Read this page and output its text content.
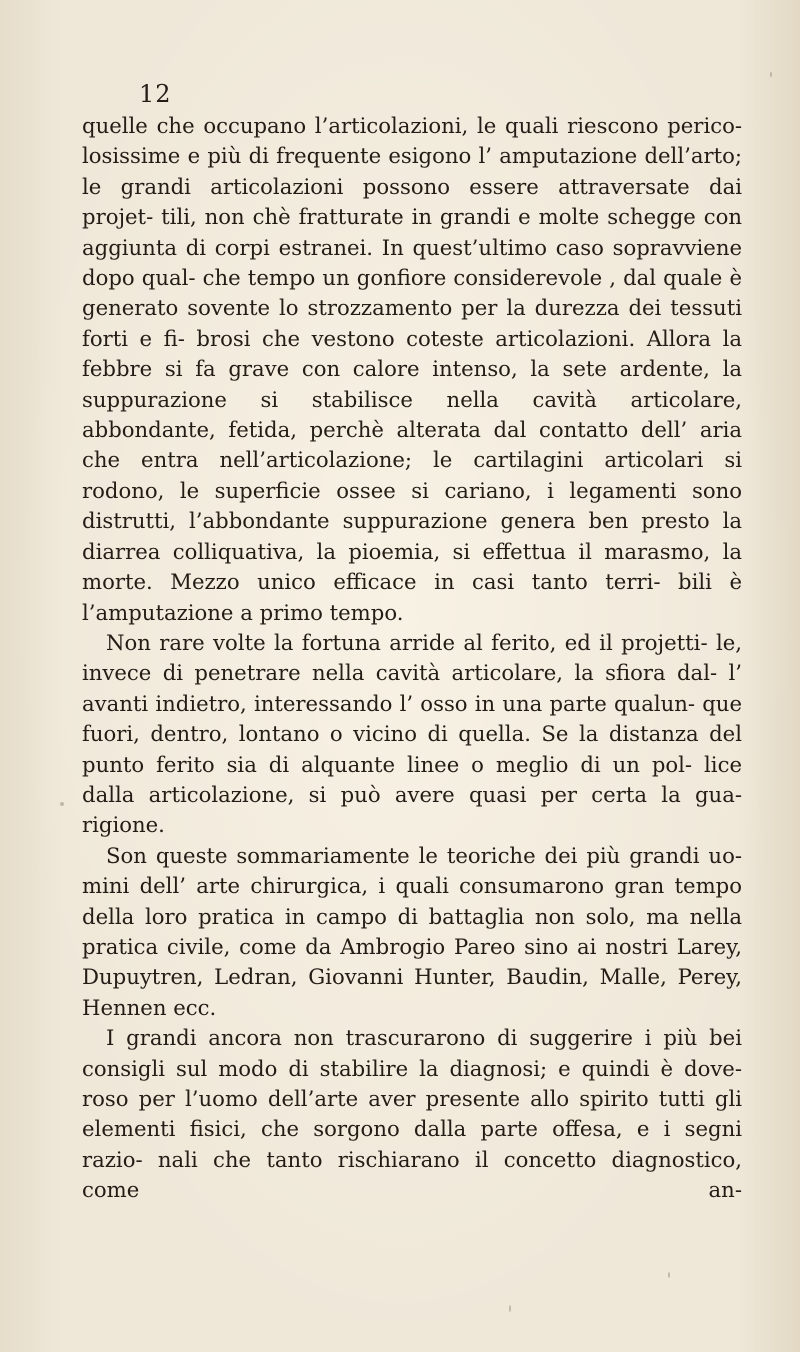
12

quelle che occupano l’articolazioni, le quali riescono perico- losissime e più di frequente esigono l’ amputazione dell’arto; le grandi articolazioni possono essere attraversate dai projet- tili, non chè fratturate in grandi e molte schegge con aggiunta di corpi estranei. In quest’ultimo caso sopravviene dopo qual- che tempo un gonfiore considerevole , dal quale è generato sovente lo strozzamento per la durezza dei tessuti forti e fi- brosi che vestono coteste articolazioni. Allora la febbre si fa grave con calore intenso, la sete ardente, la suppurazione si stabilisce nella cavità articolare, abbondante, fetida, perchè alterata dal contatto dell’ aria che entra nell’articolazione; le cartilagini articolari si rodono, le superficie ossee si cariano, i legamenti sono distrutti, l’abbondante suppurazione genera ben presto la diarrea colliquativa, la pioemia, si effettua il marasmo, la morte. Mezzo unico efficace in casi tanto terri- bili è l’amputazione a primo tempo.

Non rare volte la fortuna arride al ferito, ed il projetti- le, invece di penetrare nella cavità articolare, la sfiora dal- l’ avanti indietro, interessando l’ osso in una parte qualun- que fuori, dentro, lontano o vicino di quella. Se la distanza del punto ferito sia di alquante linee o meglio di un pol- lice dalla articolazione, si può avere quasi per certa la gua- rigione.

Son queste sommariamente le teoriche dei più grandi uo- mini dell’ arte chirurgica, i quali consumarono gran tempo della loro pratica in campo di battaglia non solo, ma nella pratica civile, come da Ambrogio Pareo sino ai nostri Larey, Dupuytren, Ledran, Giovanni Hunter, Baudin, Malle, Perey, Hennen ecc.

I grandi ancora non trascurarono di suggerire i più bei consigli sul modo di stabilire la diagnosi; e quindi è dove- roso per l’uomo dell’arte aver presente allo spirito tutti gli elementi fisici, che sorgono dalla parte offesa, e i segni razio- nali che tanto rischiarano il concetto diagnostico, come an-
